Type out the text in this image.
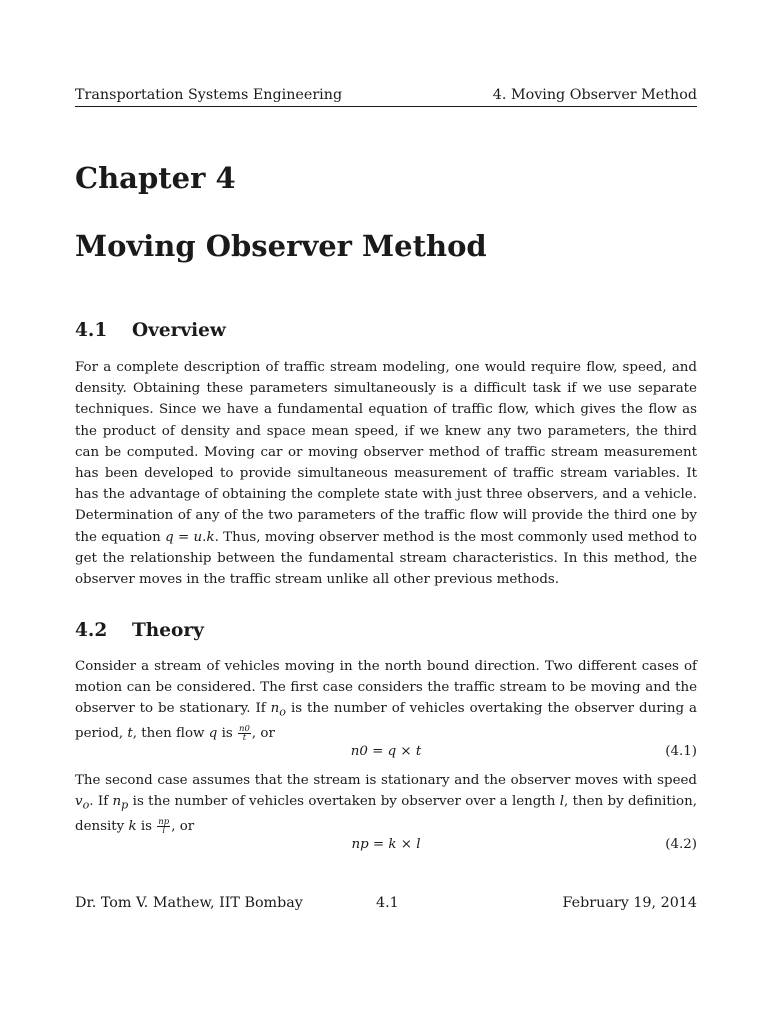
Transportation Systems Engineering	4. Moving Observer Method
Chapter 4
Moving Observer Method
4.1 Overview

For a complete description of traffic stream modeling, one would require flow, speed, and density. Obtaining these parameters simultaneously is a difficult task if we use separate techniques. Since we have a fundamental equation of traffic flow, which gives the flow as the product of density and space mean speed, if we knew any two parameters, the third can be computed. Moving car or moving observer method of traffic stream measurement has been developed to provide simultaneous measurement of traffic stream variables. It has the advantage of obtaining the complete state with just three observers, and a vehicle. Determination of any of the two parameters of the traffic flow will provide the third one by the equation q = u.k. Thus, moving observer method is the most commonly used method to get the relationship between the fundamental stream characteristics. In this method, the observer moves in the traffic stream unlike all other previous methods.

4.2 Theory

Consider a stream of vehicles moving in the north bound direction. Two different cases of motion can be considered. The first case considers the traffic stream to be moving and the observer to be stationary. If $n_o$ is the number of vehicles overtaking the observer during a period, t, then flow q is $\frac{n0}{t}$ , or

n0 = q × t	(4.1)

The second case assumes that the stream is stationary and the observer moves with speed $v_o$. If $n_p$ is the number of vehicles overtaken by observer over a length l, then by definition, density k is $\frac{np}{l}$ , or

np = k × l	(4.2)
Dr. Tom V. Mathew, IIT Bombay	4.1	February 19, 2014
